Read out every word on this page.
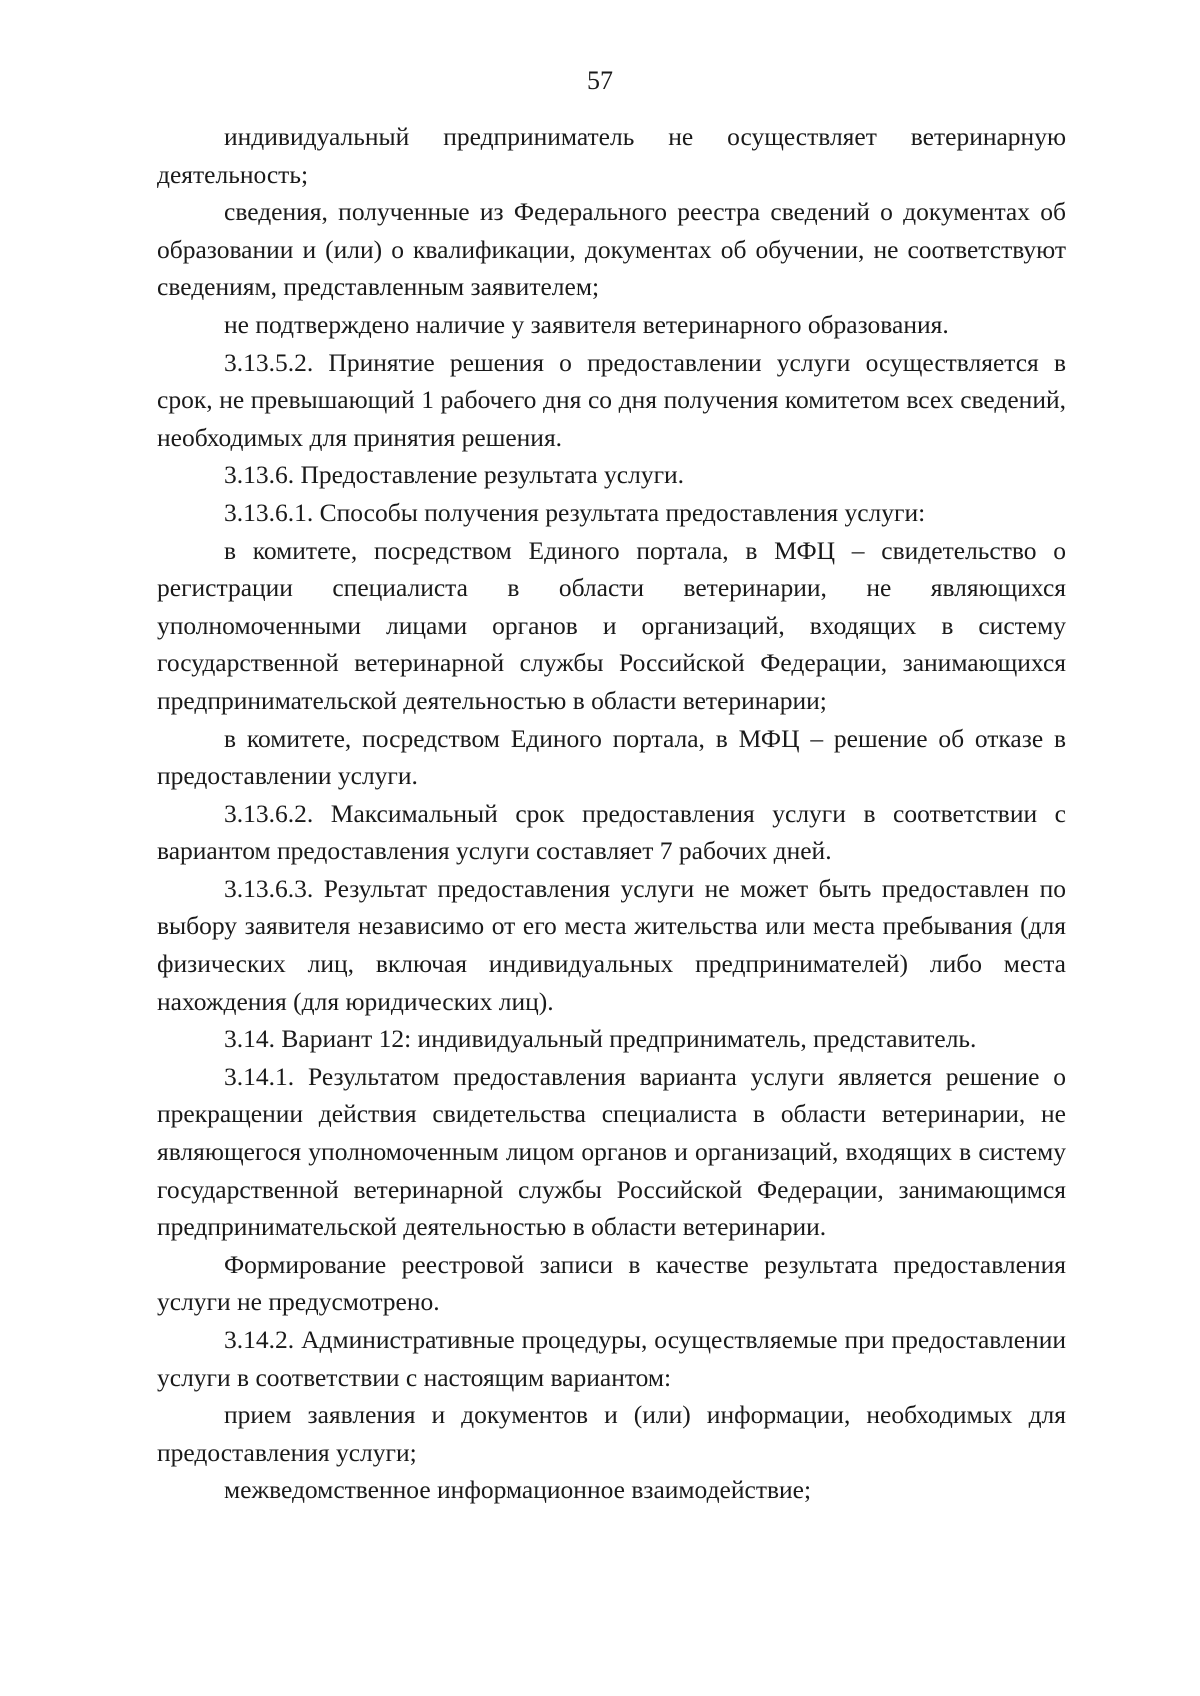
57

индивидуальный предприниматель не осуществляет ветеринарную деятельность;

сведения, полученные из Федерального реестра сведений о документах об образовании и (или) о квалификации, документах об обучении, не соответствуют сведениям, представленным заявителем;

не подтверждено наличие у заявителя ветеринарного образования.

3.13.5.2. Принятие решения о предоставлении услуги осуществляется в срок, не превышающий 1 рабочего дня со дня получения комитетом всех сведений, необходимых для принятия решения.

3.13.6. Предоставление результата услуги.

3.13.6.1. Способы получения результата предоставления услуги:

в комитете, посредством Единого портала, в МФЦ – свидетельство о регистрации специалиста в области ветеринарии, не являющихся уполномоченными лицами органов и организаций, входящих в систему государственной ветеринарной службы Российской Федерации, занимающихся предпринимательской деятельностью в области ветеринарии;

в комитете, посредством Единого портала, в МФЦ – решение об отказе в предоставлении услуги.

3.13.6.2. Максимальный срок предоставления услуги в соответствии с вариантом предоставления услуги составляет 7 рабочих дней.

3.13.6.3. Результат предоставления услуги не может быть предоставлен по выбору заявителя независимо от его места жительства или места пребывания (для физических лиц, включая индивидуальных предпринимателей) либо места нахождения (для юридических лиц).

3.14. Вариант 12: индивидуальный предприниматель, представитель.

3.14.1. Результатом предоставления варианта услуги является решение о прекращении действия свидетельства специалиста в области ветеринарии, не являющегося уполномоченным лицом органов и организаций, входящих в систему государственной ветеринарной службы Российской Федерации, занимающимся предпринимательской деятельностью в области ветеринарии.

Формирование реестровой записи в качестве результата предоставления услуги не предусмотрено.

3.14.2. Административные процедуры, осуществляемые при предоставлении услуги в соответствии с настоящим вариантом:

прием заявления и документов и (или) информации, необходимых для предоставления услуги;

межведомственное информационное взаимодействие;
